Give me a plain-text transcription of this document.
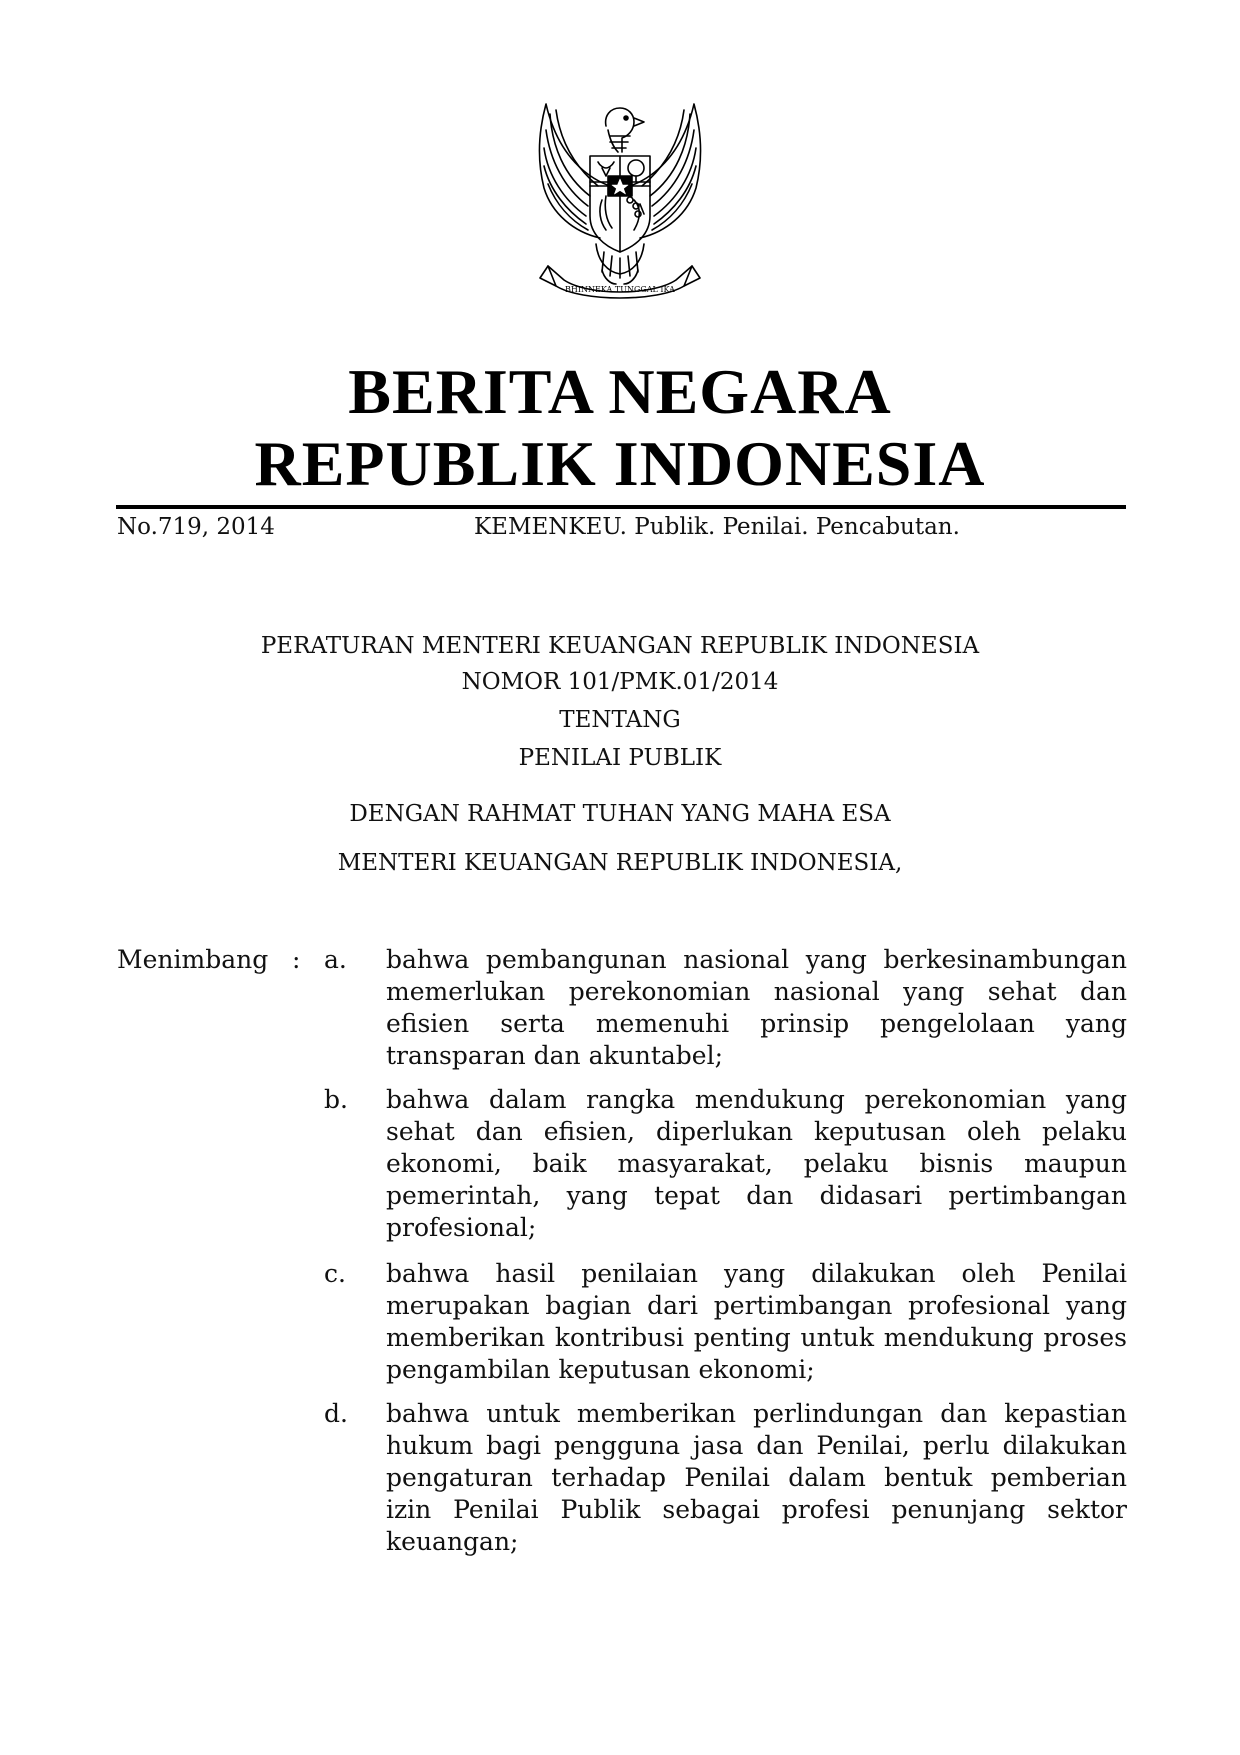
BHINNEKA TUNGGAL IKA
BERITA NEGARA
REPUBLIK INDONESIA
No.719, 2014	KEMENKEU. Publik. Penilai. Pencabutan.
PERATURAN MENTERI KEUANGAN REPUBLIK INDONESIA
NOMOR 101/PMK.01/2014
TENTANG
PENILAI PUBLIK
DENGAN RAHMAT TUHAN YANG MAHA ESA
MENTERI KEUANGAN REPUBLIK INDONESIA,
Menimbang : a. bahwa pembangunan nasional yang berkesinambungan memerlukan perekonomian nasional yang sehat dan efisien serta memenuhi prinsip pengelolaan yang transparan dan akuntabel;
b. bahwa dalam rangka mendukung perekonomian yang sehat dan efisien, diperlukan keputusan oleh pelaku ekonomi, baik masyarakat, pelaku bisnis maupun pemerintah, yang tepat dan didasari pertimbangan profesional;
c. bahwa hasil penilaian yang dilakukan oleh Penilai merupakan bagian dari pertimbangan profesional yang memberikan kontribusi penting untuk mendukung proses pengambilan keputusan ekonomi;
d. bahwa untuk memberikan perlindungan dan kepastian hukum bagi pengguna jasa dan Penilai, perlu dilakukan pengaturan terhadap Penilai dalam bentuk pemberian izin Penilai Publik sebagai profesi penunjang sektor keuangan;
